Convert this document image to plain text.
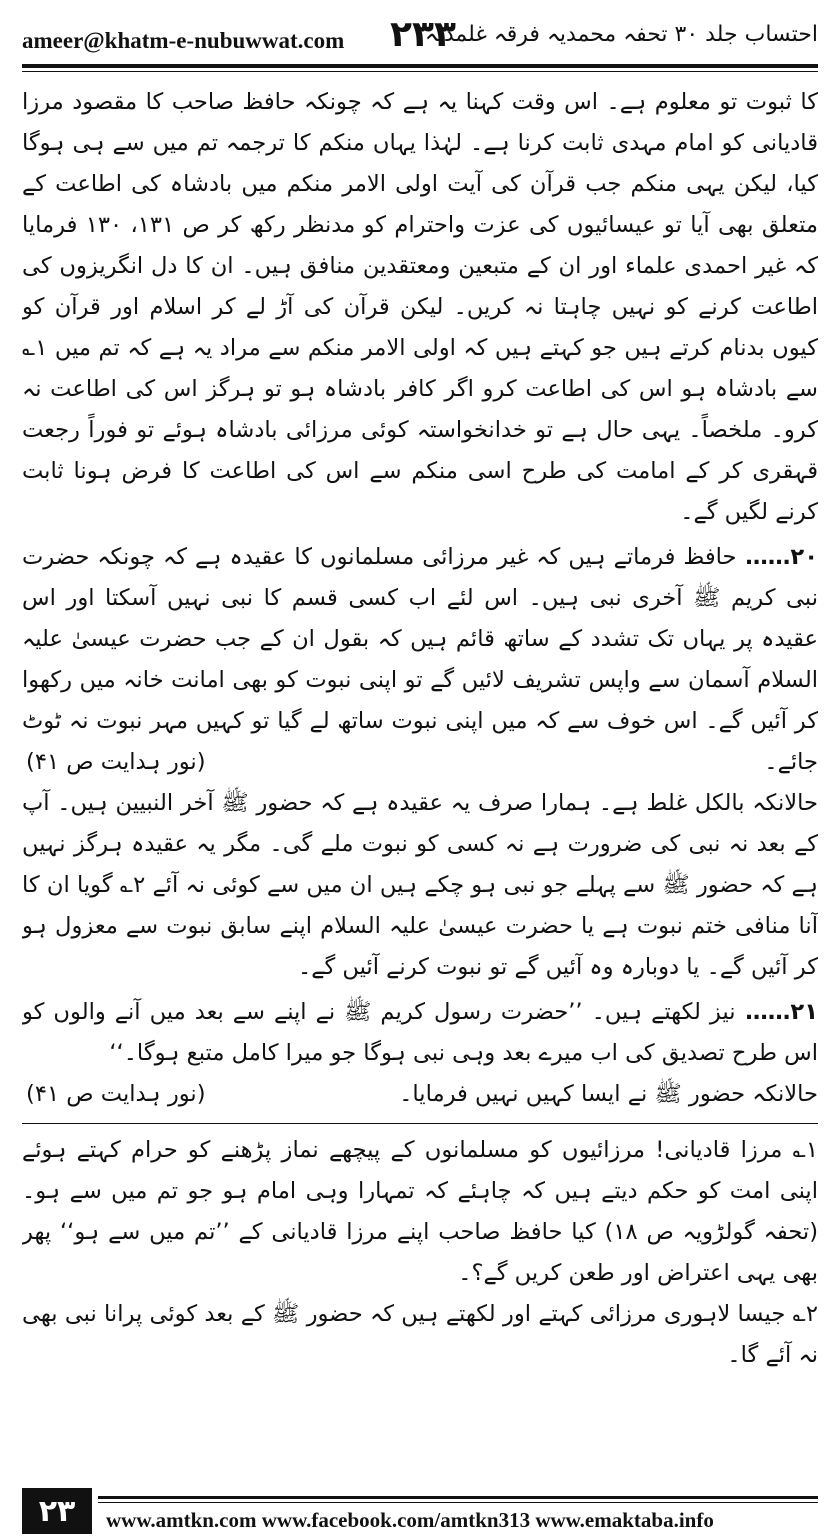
ameer@khatm-e-nubuwwat.com ۲۳۳
احتساب جلد ۳۰ تحفہ محمدیہ فرقہ غلمدیہ

کا ثبوت تو معلوم ہے۔ اس وقت کہنا یہ ہے کہ چونکہ حافظ صاحب کا مقصود مرزا قادیانی کو امام مہدی ثابت کرنا ہے۔ لہٰذا یہاں منکم کا ترجمہ تم میں سے ہی ہوگا کیا، لیکن یہی منکم جب قرآن کی آیت اولی الامر منکم میں بادشاہ کی اطاعت کے متعلق بھی آیا تو عیسائیوں کی عزت واحترام کو مدنظر رکھ کر ص ۱۳۱، ۱۳۰ فرمایا کہ غیر احمدی علماء اور ان کے متبعین ومعتقدین منافق ہیں۔ ان کا دل انگریزوں کی اطاعت کرنے کو نہیں چاہتا نہ کریں۔ لیکن قرآن کی آڑ لے کر اسلام اور قرآن کو کیوں بدنام کرتے ہیں جو کہتے ہیں کہ اولی الامر منکم سے مراد یہ ہے کہ تم میں ۱؎ سے بادشاہ ہو اس کی اطاعت کرو اگر کافر بادشاہ ہو تو ہرگز اس کی اطاعت نہ کرو۔ ملخصاً۔ یہی حال ہے تو خدانخواستہ کوئی مرزائی بادشاہ ہوئے تو فوراً رجعت قہقری کر کے امامت کی طرح اسی منکم سے اس کی اطاعت کا فرض ہونا ثابت کرنے لگیں گے۔

۲۰…… حافظ فرماتے ہیں کہ غیر مرزائی مسلمانوں کا عقیدہ ہے کہ چونکہ حضرت نبی کریم ﷺ آخری نبی ہیں۔ اس لئے اب کسی قسم کا نبی نہیں آسکتا اور اس عقیدہ پر یہاں تک تشدد کے ساتھ قائم ہیں کہ بقول ان کے جب حضرت عیسیٰ علیہ السلام آسمان سے واپس تشریف لائیں گے تو اپنی نبوت کو بھی امانت خانہ میں رکھوا کر آئیں گے۔ اس خوف سے کہ میں اپنی نبوت ساتھ لے گیا تو کہیں مہر نبوت نہ ٹوٹ جائے۔
(نور ہدایت ص ۴۱)

حالانکہ بالکل غلط ہے۔ ہمارا صرف یہ عقیدہ ہے کہ حضور ﷺ آخر النبیین ہیں۔ آپ کے بعد نہ نبی کی ضرورت ہے نہ کسی کو نبوت ملے گی۔ مگر یہ عقیدہ ہرگز نہیں ہے کہ حضور ﷺ سے پہلے جو نبی ہو چکے ہیں ان میں سے کوئی نہ آئے ۲؎ گویا ان کا آنا منافی ختم نبوت ہے یا حضرت عیسیٰ علیہ السلام اپنے سابق نبوت سے معزول ہو کر آئیں گے۔ یا دوبارہ وہ آئیں گے تو نبوت کرنے آئیں گے۔

۲۱…… نیز لکھتے ہیں۔ ’’حضرت رسول کریم ﷺ نے اپنے سے بعد میں آنے والوں کو اس طرح تصدیق کی اب میرے بعد وہی نبی ہوگا جو میرا کامل متبع ہوگا۔‘‘
(نور ہدایت ص ۴۱)	حالانکہ حضور ﷺ نے ایسا کہیں نہیں فرمایا۔

۱؎ مرزا قادیانی! مرزائیوں کو مسلمانوں کے پیچھے نماز پڑھنے کو حرام کہتے ہوئے اپنی امت کو حکم دیتے ہیں کہ چاہئے کہ تمہارا وہی امام ہو جو تم میں سے ہو۔ (تحفہ گولڑویہ ص ۱۸) کیا حافظ صاحب اپنے مرزا قادیانی کے ’’تم میں سے ہو‘‘ پھر بھی یہی اعتراض اور طعن کریں گے؟۔

۲؎ جیسا لاہوری مرزائی کہتے اور لکھتے ہیں کہ حضور ﷺ کے بعد کوئی پرانا نبی بھی نہ آئے گا۔

۲۳	www.amtkn.com www.facebook.com/amtkn313 www.emaktaba.info
